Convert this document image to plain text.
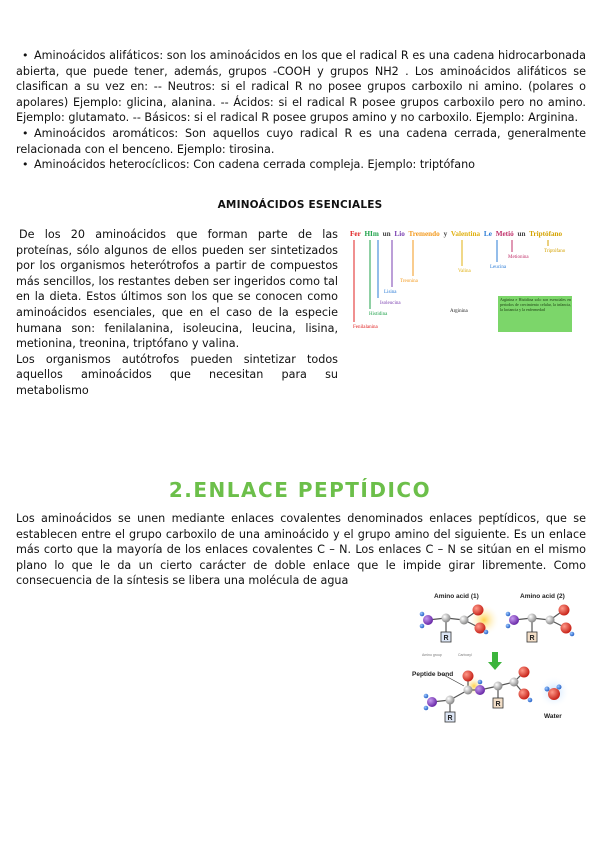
• Aminoácidos alifáticos: son los aminoácidos en los que el radical R es una cadena hidrocarbonada abierta, que puede tener, además, grupos -COOH y grupos NH2 . Los aminoácidos alifáticos se clasifican a su vez en: -- Neutros: si el radical R no posee grupos carboxilo ni amino. (polares o apolares) Ejemplo: glicina, alanina. -- Ácidos: si el radical R posee grupos carboxilo pero no amino. Ejemplo: glutamato. -- Básicos: si el radical R posee grupos amino y no carboxilo. Ejemplo: Arginina.
• Aminoácidos aromáticos: Son aquellos cuyo radical R es una cadena cerrada, generalmente relacionada con el benceno. Ejemplo: tirosina.
• Aminoácidos heterocíclicos: Con cadena cerrada compleja. Ejemplo: triptófano
AMINOÁCIDOS ESENCIALES

De los 20 aminoácidos que forman parte de las proteínas, sólo algunos de ellos pueden ser sintetizados por los organismos heterótrofos a partir de compuestos más sencillos, los restantes deben ser ingeridos como tal en la dieta. Estos últimos son los que se conocen como aminoácidos esenciales, que en el caso de la especie humana son: fenilalanina, isoleucina, leucina, lisina, metionina, treonina, triptófano y valina.

Los organismos autótrofos pueden sintetizar todos aquellos aminoácidos que necesitan para su metabolismo

Fer HIm un Lio Tremendo y Valentina Le Metió un Triptófano
Fenilalanina
Histidina
Isoleucina
Lisina
Treonina
Valina
Leucina
Metionina
Triptófano
Arginina
Arginina e Histidina solo son esenciales en periodos de crecimiento celular, la infancia, la lactancia y la enfermedad
2.ENLACE PEPTÍDICO

Los aminoácidos se unen mediante enlaces covalentes denominados enlaces peptídicos, que se establecen entre el grupo carboxilo de una aminoácido y el grupo amino del siguiente. Es un enlace más corto que la mayoría de los enlaces covalentes C – N. Los enlaces C – N se sitúan en el mismo plano lo que le da un cierto carácter de doble enlace que le impide girar libremente. Como consecuencia de la síntesis se libera una molécula de agua

Amino acid (1)	Amino acid (2)
Peptide bond
Water
Amino group	Carboxyl
R	R
R
R
